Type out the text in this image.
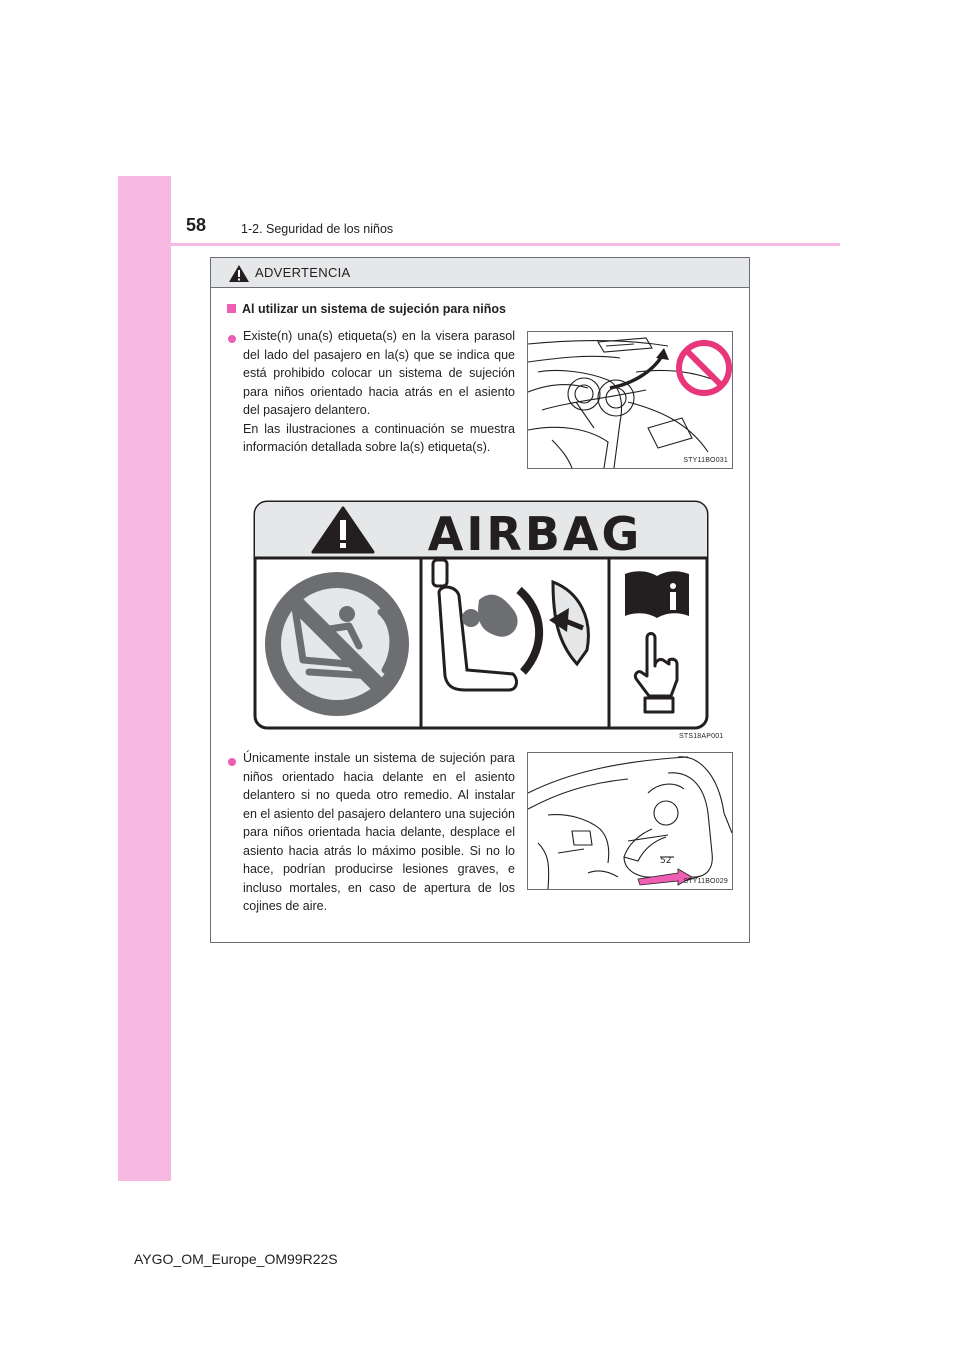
58	1-2. Seguridad de los niños
ADVERTENCIA
Al utilizar un sistema de sujeción para niños
Existe(n) una(s) etiqueta(s) en la visera parasol del lado del pasajero en la(s) que se indica que está prohibido colocar un sistema de sujeción para niños orientado hacia atrás en el asiento del pasajero delantero.
En las ilustraciones a continuación se muestra información detallada sobre la(s) etiqueta(s).
STY11BO031
AIRBAG
STS18AP001
Únicamente instale un sistema de sujeción para niños orientado hacia delante en el asiento delantero si no queda otro remedio. Al instalar en el asiento del pasajero delantero una sujeción para niños orientada hacia delante, desplace el asiento hacia atrás lo máximo posible. Si no lo hace, podrían producirse lesiones graves, e incluso mortales, en caso de apertura de los cojines de aire.
52
STY11BO029
AYGO_OM_Europe_OM99R22S
